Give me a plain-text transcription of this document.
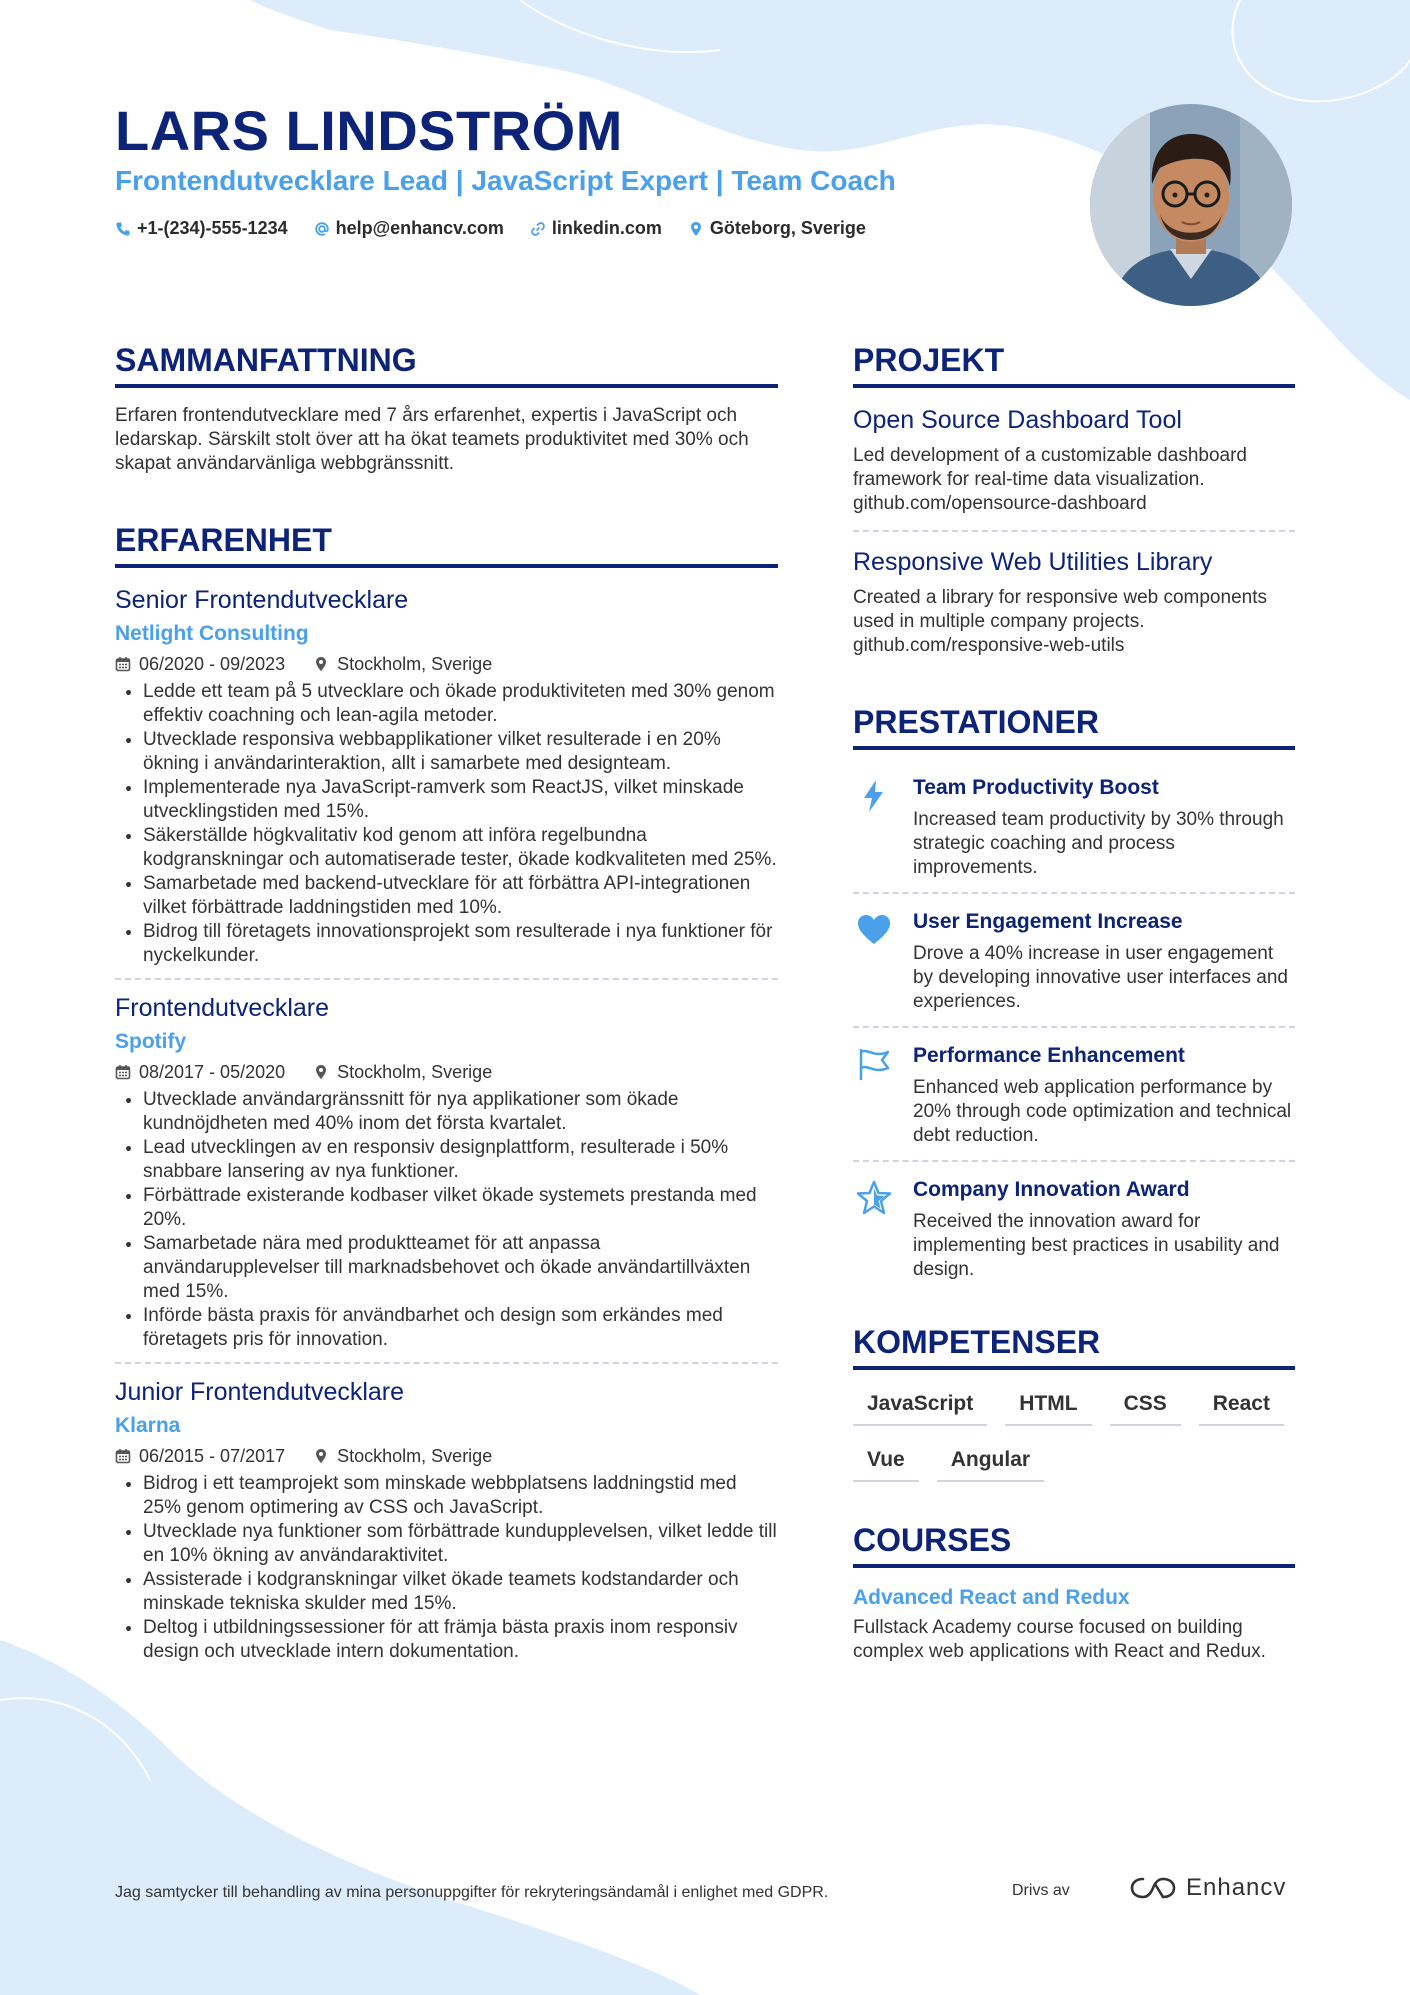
LARS LINDSTRÖM
Frontendutvecklare Lead | JavaScript Expert | Team Coach
+1-(234)-555-1234	help@enhancv.com	linkedin.com	Göteborg, Sverige
SAMMANFATTNING
Erfaren frontendutvecklare med 7 års erfarenhet, expertis i JavaScript och ledarskap. Särskilt stolt över att ha ökat teamets produktivitet med 30% och skapat användarvänliga webbgränssnitt.
ERFARENHET
Senior Frontendutvecklare
Netlight Consulting
06/2020 - 09/2023	Stockholm, Sverige
• Ledde ett team på 5 utvecklare och ökade produktiviteten med 30% genom effektiv coachning och lean-agila metoder.
• Utvecklade responsiva webbapplikationer vilket resulterade i en 20% ökning i användarinteraktion, allt i samarbete med designteam.
• Implementerade nya JavaScript-ramverk som ReactJS, vilket minskade utvecklingstiden med 15%.
• Säkerställde högkvalitativ kod genom att införa regelbundna kodgranskningar och automatiserade tester, ökade kodkvaliteten med 25%.
• Samarbetade med backend-utvecklare för att förbättra API-integrationen vilket förbättrade laddningstiden med 10%.
• Bidrog till företagets innovationsprojekt som resulterade i nya funktioner för nyckelkunder.
Frontendutvecklare
Spotify
08/2017 - 05/2020	Stockholm, Sverige
• Utvecklade användargränssnitt för nya applikationer som ökade kundnöjdheten med 40% inom det första kvartalet.
• Lead utvecklingen av en responsiv designplattform, resulterade i 50% snabbare lansering av nya funktioner.
• Förbättrade existerande kodbaser vilket ökade systemets prestanda med 20%.
• Samarbetade nära med produktteamet för att anpassa användarupplevelser till marknadsbehovet och ökade användartillväxten med 15%.
• Införde bästa praxis för användbarhet och design som erkändes med företagets pris för innovation.
Junior Frontendutvecklare
Klarna
06/2015 - 07/2017	Stockholm, Sverige
• Bidrog i ett teamprojekt som minskade webbplatsens laddningstid med 25% genom optimering av CSS och JavaScript.
• Utvecklade nya funktioner som förbättrade kundupplevelsen, vilket ledde till en 10% ökning av användaraktivitet.
• Assisterade i kodgranskningar vilket ökade teamets kodstandarder och minskade tekniska skulder med 15%.
• Deltog i utbildningssessioner för att främja bästa praxis inom responsiv design och utvecklade intern dokumentation.
PROJEKT
Open Source Dashboard Tool
Led development of a customizable dashboard framework for real-time data visualization. github.com/opensource-dashboard
Responsive Web Utilities Library
Created a library for responsive web components used in multiple company projects. github.com/responsive-web-utils
PRESTATIONER
Team Productivity Boost
Increased team productivity by 30% through strategic coaching and process improvements.
User Engagement Increase
Drove a 40% increase in user engagement by developing innovative user interfaces and experiences.
Performance Enhancement
Enhanced web application performance by 20% through code optimization and technical debt reduction.
Company Innovation Award
Received the innovation award for implementing best practices in usability and design.
KOMPETENSER
JavaScript	HTML	CSS	React
Vue	Angular
COURSES
Advanced React and Redux
Fullstack Academy course focused on building complex web applications with React and Redux.
Jag samtycker till behandling av mina personuppgifter för rekryteringsändamål i enlighet med GDPR.	Drivs av	Enhancv
